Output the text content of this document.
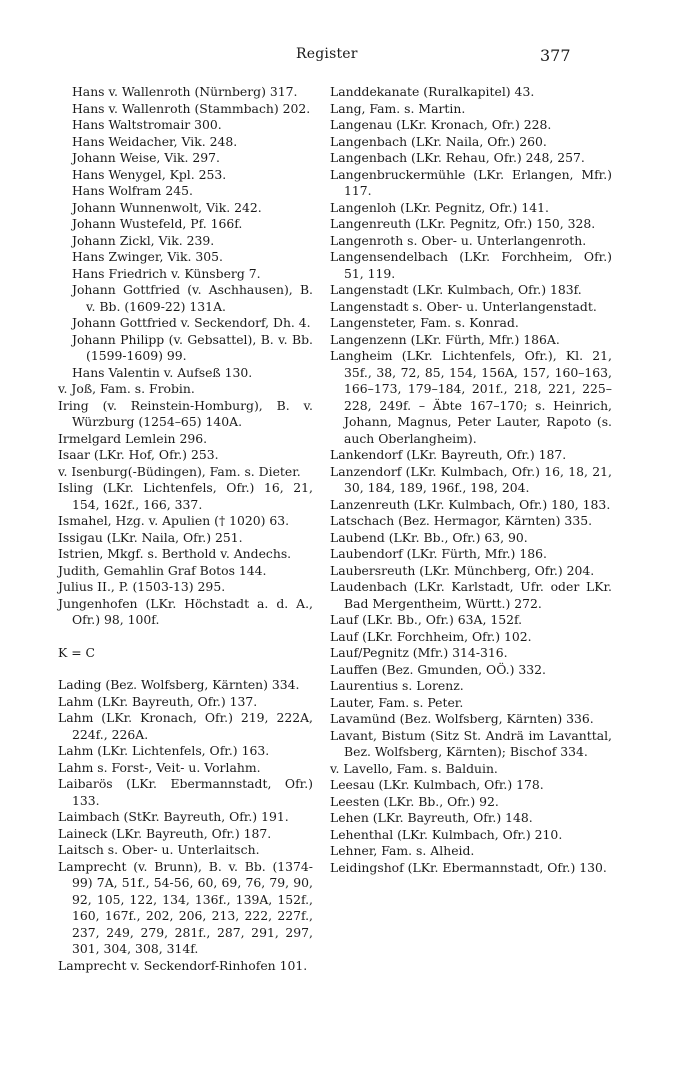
Register	377
Hans v. Wallenroth (Nürnberg) 317.
Hans v. Wallenroth (Stammbach) 202.
Hans Waltstromair 300.
Hans Weidacher, Vik. 248.
Johann Weise, Vik. 297.
Hans Wenygel, Kpl. 253.
Hans Wolfram 245.
Johann Wunnenwolt, Vik. 242.
Johann Wustefeld, Pf. 166f.
Johann Zickl, Vik. 239.
Hans Zwinger, Vik. 305.
Hans Friedrich v. Künsberg 7.
Johann Gottfried (v. Aschhausen), B. v. Bb. (1609-22) 131A.
Johann Gottfried v. Seckendorf, Dh. 4.
Johann Philipp (v. Gebsattel), B. v. Bb. (1599-1609) 99.
Hans Valentin v. Aufseß 130.
v. Joß, Fam. s. Frobin.
Iring (v. Reinstein-Homburg), B. v. Würzburg (1254–65) 140A.
Irmelgard Lemlein 296.
Isaar (LKr. Hof, Ofr.) 253.
v. Isenburg(-Büdingen), Fam. s. Dieter.
Isling (LKr. Lichtenfels, Ofr.) 16, 21, 154, 162f., 166, 337.
Ismahel, Hzg. v. Apulien († 1020) 63.
Issigau (LKr. Naila, Ofr.) 251.
Istrien, Mkgf. s. Berthold v. Andechs.
Judith, Gemahlin Graf Botos 144.
Julius II., P. (1503-13) 295.
Jungenhofen (LKr. Höchstadt a. d. A., Ofr.) 98, 100f.
K = C
Lading (Bez. Wolfsberg, Kärnten) 334.
Lahm (LKr. Bayreuth, Ofr.) 137.
Lahm (LKr. Kronach, Ofr.) 219, 222A, 224f., 226A.
Lahm (LKr. Lichtenfels, Ofr.) 163.
Lahm s. Forst-, Veit- u. Vorlahm.
Laibarös (LKr. Ebermannstadt, Ofr.) 133.
Laimbach (StKr. Bayreuth, Ofr.) 191.
Laineck (LKr. Bayreuth, Ofr.) 187.
Laitsch s. Ober- u. Unterlaitsch.
Lamprecht (v. Brunn), B. v. Bb. (1374-99) 7A, 51f., 54-56, 60, 69, 76, 79, 90, 92, 105, 122, 134, 136f., 139A, 152f., 160, 167f., 202, 206, 213, 222, 227f., 237, 249, 279, 281f., 287, 291, 297, 301, 304, 308, 314f.
Lamprecht v. Seckendorf-Rinhofen 101.
Landdekanate (Ruralkapitel) 43.
Lang, Fam. s. Martin.
Langenau (LKr. Kronach, Ofr.) 228.
Langenbach (LKr. Naila, Ofr.) 260.
Langenbach (LKr. Rehau, Ofr.) 248, 257.
Langenbruckermühle (LKr. Erlangen, Mfr.) 117.
Langenloh (LKr. Pegnitz, Ofr.) 141.
Langenreuth (LKr. Pegnitz, Ofr.) 150, 328.
Langenroth s. Ober- u. Unterlangenroth.
Langensendelbach (LKr. Forchheim, Ofr.) 51, 119.
Langenstadt (LKr. Kulmbach, Ofr.) 183f.
Langenstadt s. Ober- u. Unterlangenstadt.
Langensteter, Fam. s. Konrad.
Langenzenn (LKr. Fürth, Mfr.) 186A.
Langheim (LKr. Lichtenfels, Ofr.), Kl. 21, 35f., 38, 72, 85, 154, 156A, 157, 160–163, 166–173, 179–184, 201f., 218, 221, 225–228, 249f. – Äbte 167–170; s. Heinrich, Johann, Magnus, Peter Lauter, Rapoto (s. auch Oberlangheim).
Lankendorf (LKr. Bayreuth, Ofr.) 187.
Lanzendorf (LKr. Kulmbach, Ofr.) 16, 18, 21, 30, 184, 189, 196f., 198, 204.
Lanzenreuth (LKr. Kulmbach, Ofr.) 180, 183.
Latschach (Bez. Hermagor, Kärnten) 335.
Laubend (LKr. Bb., Ofr.) 63, 90.
Laubendorf (LKr. Fürth, Mfr.) 186.
Laubersreuth (LKr. Münchberg, Ofr.) 204.
Laudenbach (LKr. Karlstadt, Ufr. oder LKr. Bad Mergentheim, Württ.) 272.
Lauf (LKr. Bb., Ofr.) 63A, 152f.
Lauf (LKr. Forchheim, Ofr.) 102.
Lauf/Pegnitz (Mfr.) 314-316.
Lauffen (Bez. Gmunden, OÖ.) 332.
Laurentius s. Lorenz.
Lauter, Fam. s. Peter.
Lavamünd (Bez. Wolfsberg, Kärnten) 336.
Lavant, Bistum (Sitz St. Andrä im Lavanttal, Bez. Wolfsberg, Kärnten); Bischof 334.
v. Lavello, Fam. s. Balduin.
Leesau (LKr. Kulmbach, Ofr.) 178.
Leesten (LKr. Bb., Ofr.) 92.
Lehen (LKr. Bayreuth, Ofr.) 148.
Lehenthal (LKr. Kulmbach, Ofr.) 210.
Lehner, Fam. s. Alheid.
Leidingshof (LKr. Ebermannstadt, Ofr.) 130.
